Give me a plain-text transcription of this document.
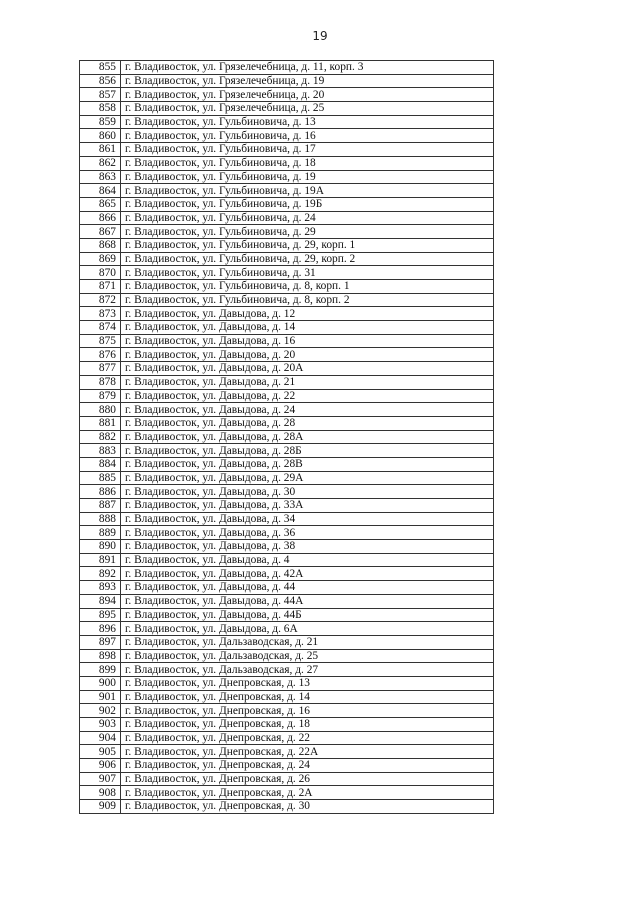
19
855	г. Владивосток, ул. Грязелечебница, д. 11, корп. 3
856	г. Владивосток, ул. Грязелечебница, д. 19
857	г. Владивосток, ул. Грязелечебница, д. 20
858	г. Владивосток, ул. Грязелечебница, д. 25
859	г. Владивосток, ул. Гульбиновича, д. 13
860	г. Владивосток, ул. Гульбиновича, д. 16
861	г. Владивосток, ул. Гульбиновича, д. 17
862	г. Владивосток, ул. Гульбиновича, д. 18
863	г. Владивосток, ул. Гульбиновича, д. 19
864	г. Владивосток, ул. Гульбиновича, д. 19А
865	г. Владивосток, ул. Гульбиновича, д. 19Б
866	г. Владивосток, ул. Гульбиновича, д. 24
867	г. Владивосток, ул. Гульбиновича, д. 29
868	г. Владивосток, ул. Гульбиновича, д. 29, корп. 1
869	г. Владивосток, ул. Гульбиновича, д. 29, корп. 2
870	г. Владивосток, ул. Гульбиновича, д. 31
871	г. Владивосток, ул. Гульбиновича, д. 8, корп. 1
872	г. Владивосток, ул. Гульбиновича, д. 8, корп. 2
873	г. Владивосток, ул. Давыдова, д. 12
874	г. Владивосток, ул. Давыдова, д. 14
875	г. Владивосток, ул. Давыдова, д. 16
876	г. Владивосток, ул. Давыдова, д. 20
877	г. Владивосток, ул. Давыдова, д. 20А
878	г. Владивосток, ул. Давыдова, д. 21
879	г. Владивосток, ул. Давыдова, д. 22
880	г. Владивосток, ул. Давыдова, д. 24
881	г. Владивосток, ул. Давыдова, д. 28
882	г. Владивосток, ул. Давыдова, д. 28А
883	г. Владивосток, ул. Давыдова, д. 28Б
884	г. Владивосток, ул. Давыдова, д. 28В
885	г. Владивосток, ул. Давыдова, д. 29А
886	г. Владивосток, ул. Давыдова, д. 30
887	г. Владивосток, ул. Давыдова, д. 33А
888	г. Владивосток, ул. Давыдова, д. 34
889	г. Владивосток, ул. Давыдова, д. 36
890	г. Владивосток, ул. Давыдова, д. 38
891	г. Владивосток, ул. Давыдова, д. 4
892	г. Владивосток, ул. Давыдова, д. 42А
893	г. Владивосток, ул. Давыдова, д. 44
894	г. Владивосток, ул. Давыдова, д. 44А
895	г. Владивосток, ул. Давыдова, д. 44Б
896	г. Владивосток, ул. Давыдова, д. 6А
897	г. Владивосток, ул. Дальзаводская, д. 21
898	г. Владивосток, ул. Дальзаводская, д. 25
899	г. Владивосток, ул. Дальзаводская, д. 27
900	г. Владивосток, ул. Днепровская, д. 13
901	г. Владивосток, ул. Днепровская, д. 14
902	г. Владивосток, ул. Днепровская, д. 16
903	г. Владивосток, ул. Днепровская, д. 18
904	г. Владивосток, ул. Днепровская, д. 22
905	г. Владивосток, ул. Днепровская, д. 22А
906	г. Владивосток, ул. Днепровская, д. 24
907	г. Владивосток, ул. Днепровская, д. 26
908	г. Владивосток, ул. Днепровская, д. 2А
909	г. Владивосток, ул. Днепровская, д. 30
